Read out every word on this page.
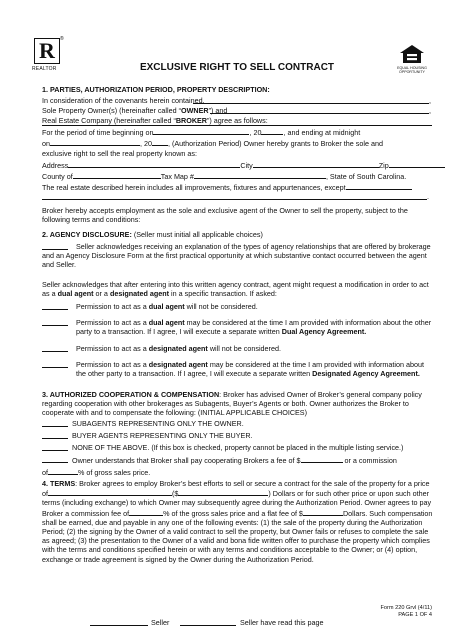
R ®
REALTOR	EQUAL HOUSING
OPPORTUNITY
EXCLUSIVE RIGHT TO SELL CONTRACT
1. PARTIES, AUTHORIZATION PERIOD, PROPERTY DESCRIPTION:
In consideration of the covenants herein contained,	,
Sole Property Owner(s) (hereinafter called “OWNER”) and	,
Real Estate Company (hereinafter called “BROKER”) agree as follows:
For the period of time beginning on	, 20	, and ending at midnight
on	, 20 , (Authorization Period) Owner hereby grants to Broker the sole and
exclusive right to sell the real property known as:
Address	City	Zip
County of	Tax Map #	, State of South Carolina.
The real estate described herein includes all improvements, fixtures and appurtenances, except
.
Broker hereby accepts employment as the sole and exclusive agent of the Owner to sell the property, subject to the following terms and conditions:
2. AGENCY DISCLOSURE: (Seller must initial all applicable choices)
Seller acknowledges receiving an explanation of the types of agency relationships that are offered by brokerage and an Agency Disclosure Form at the first practical opportunity at which substantive contact occurred between the agent and Seller.
Seller acknowledges that after entering into this written agency contract, agent might request a modification in order to act as a dual agent or a designated agent in a specific transaction. If asked:
Permission to act as a dual agent will not be considered.
Permission to act as a dual agent may be considered at the time I am provided with information about the other party to a transaction. If I agree, I will execute a separate written Dual Agency Agreement.
Permission to act as a designated agent will not be considered.
Permission to act as a designated agent may be considered at the time I am provided with information about the other party to a transaction. If I agree, I will execute a separate written Designated Agency Agreement.
3. AUTHORIZED COOPERATION & COMPENSATION: Broker has advised Owner of Broker’s general company policy regarding cooperation with other brokerages as Subagents, Buyer’s Agents or both. Owner authorizes the Broker to cooperate with and to compensate the following: (INITIAL APPLICABLE CHOICES)
SUBAGENTS REPRESENTING ONLY THE OWNER.
BUYER AGENTS REPRESENTING ONLY THE BUYER.
NONE OF THE ABOVE. (If this box is checked, property cannot be placed in the multiple listing service.)
Owner understands that Broker shall pay cooperating Brokers a fee of $	or a commission
of	% of gross sales price.
4. TERMS: Broker agrees to employ Broker’s best efforts to sell or secure a contract for the sale of the property for a price of	($	) Dollars or for such other price or upon such other terms (including exchange) to which Owner may subsequently agree during the Authorization Period. Owner agrees to pay Broker a commission fee of	% of the gross sales price and a flat fee of $	Dollars. Such compensation shall be earned, due and payable in any one of the following events: (1) the sale of the property during the Authorization Period; (2) the signing by the Owner of a valid contract to sell the property, but Owner fails or refuses to complete the sale as agreed; (3) the presentation to the Owner of a valid and bona fide written offer to purchase the property which complies with the terms and conditions specified herein or with any terms and conditions acceptable to the Owner; or (4) option, exchange or trade agreement is signed by the Owner during the Authorization Period.
Seller	Seller have read this page
Form 220 Grvl (4/11)
PAGE 1 OF 4
